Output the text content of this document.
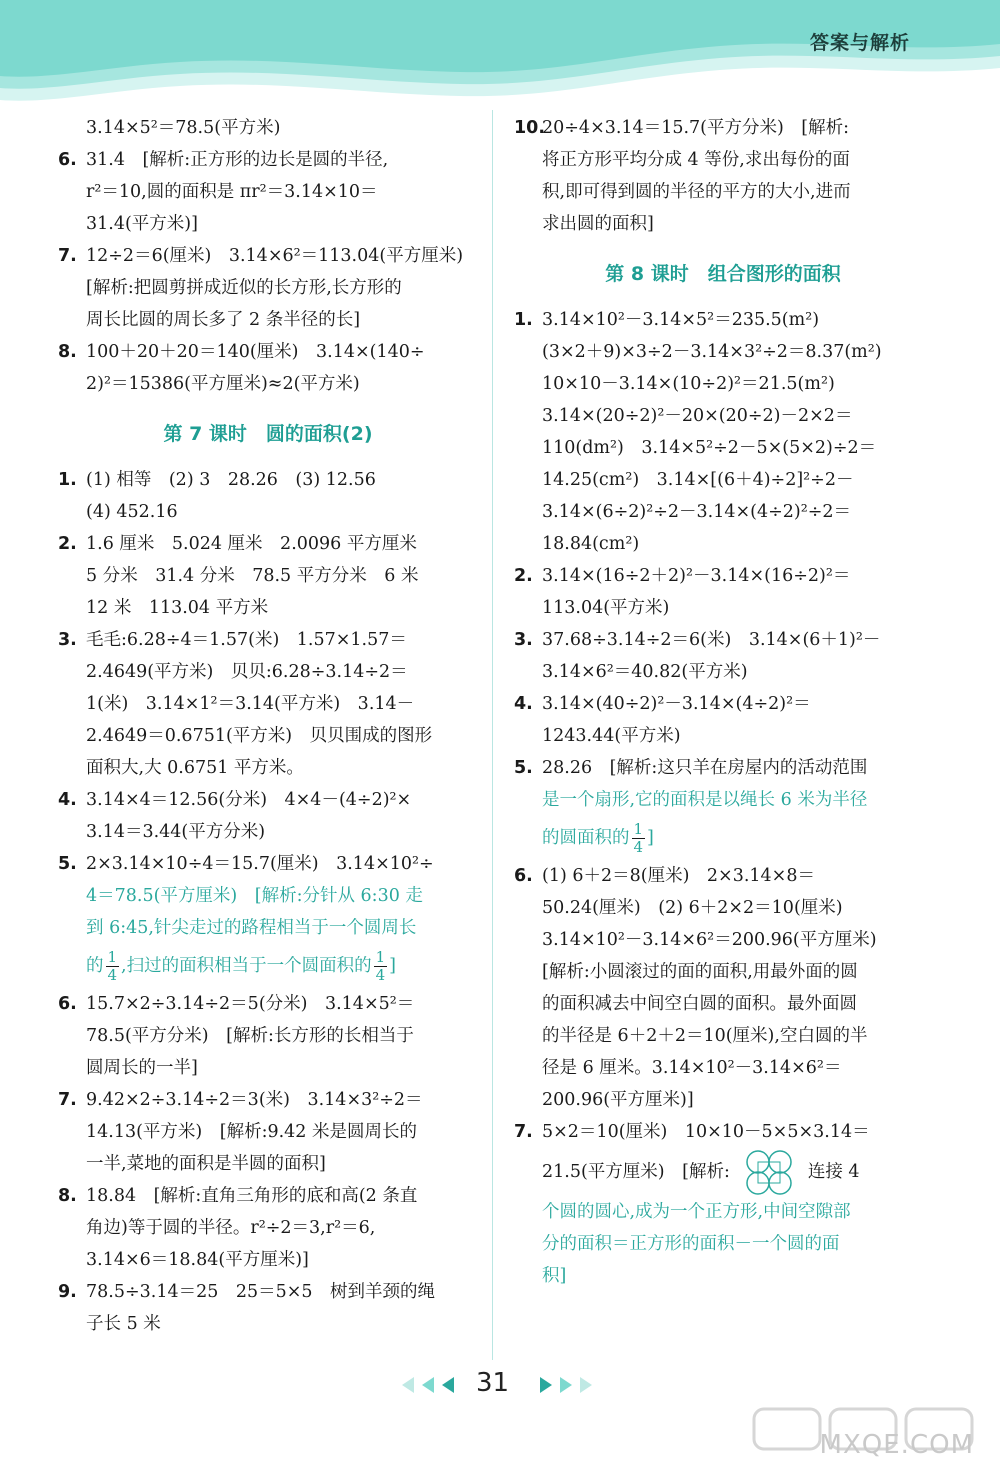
答案与解析
3.14×5²＝78.5(平方米)
6. 31.4　[解析:正方形的边长是圆的半径,
r²＝10,圆的面积是 πr²＝3.14×10＝
31.4(平方米)]
7. 12÷2＝6(厘米)　3.14×6²＝113.04(平方厘米)
[解析:把圆剪拼成近似的长方形,长方形的
周长比圆的周长多了 2 条半径的长]
8. 100＋20＋20＝140(厘米)　3.14×(140÷
2)²＝15386(平方厘米)≈2(平方米)
第 7 课时　圆的面积(2)
1. (1) 相等　(2) 3　28.26　(3) 12.56
(4) 452.16
2. 1.6 厘米　5.024 厘米　2.0096 平方厘米
5 分米　31.4 分米　78.5 平方分米　6 米
12 米　113.04 平方米
3. 毛毛:6.28÷4＝1.57(米)　1.57×1.57＝
2.4649(平方米)　贝贝:6.28÷3.14÷2＝
1(米)　3.14×1²＝3.14(平方米)　3.14－
2.4649＝0.6751(平方米)　贝贝围成的图形
面积大,大 0.6751 平方米。
4. 3.14×4＝12.56(分米)　4×4－(4÷2)²×
3.14＝3.44(平方分米)
5. 2×3.14×10÷4＝15.7(厘米)　3.14×10²÷
4＝78.5(平方厘米)　[解析:分针从 6:30 走
到 6:45,针尖走过的路程相当于一个圆周长
的 $\frac{1}{4}$ ,扫过的面积相当于一个圆面积的 $\frac{1}{4}$ ]
6. 15.7×2÷3.14÷2＝5(分米)　3.14×5²＝
78.5(平方分米)　[解析:长方形的长相当于
圆周长的一半]
7. 9.42×2÷3.14÷2＝3(米)　3.14×3²÷2＝
14.13(平方米)　[解析:9.42 米是圆周长的
一半,菜地的面积是半圆的面积]
8. 18.84　[解析:直角三角形的底和高(2 条直
角边)等于圆的半径。r²÷2＝3,r²＝6,
3.14×6＝18.84(平方厘米)]
9. 78.5÷3.14＝25　25＝5×5　树到羊颈的绳
子长 5 米
10.
20÷4×3.14＝15.7(平方分米)　[解析:
将正方形平均分成 4 等份,求出每份的面
积,即可得到圆的半径的平方的大小,进而
求出圆的面积]
第 8 课时　组合图形的面积
1. 3.14×10²－3.14×5²＝235.5(m²)
(3×2＋9)×3÷2－3.14×3²÷2＝8.37(m²)
10×10－3.14×(10÷2)²＝21.5(m²)
3.14×(20÷2)²－20×(20÷2)－2×2＝
110(dm²)　3.14×5²÷2－5×(5×2)÷2＝
14.25(cm²)　3.14×[(6＋4)÷2]²÷2－
3.14×(6÷2)²÷2－3.14×(4÷2)²÷2＝
18.84(cm²)
2. 3.14×(16÷2＋2)²－3.14×(16÷2)²＝
113.04(平方米)
3. 37.68÷3.14÷2＝6(米)　3.14×(6＋1)²－
3.14×6²＝40.82(平方米)
4. 3.14×(40÷2)²－3.14×(4÷2)²＝
1243.44(平方米)
5. 28.26　[解析:这只羊在房屋内的活动范围
是一个扇形,它的面积是以绳长 6 米为半径
的圆面积的 $\frac{1}{4}$ ]
6. (1) 6＋2＝8(厘米)　2×3.14×8＝
50.24(厘米)　(2) 6＋2×2＝10(厘米)
3.14×10²－3.14×6²＝200.96(平方厘米)
[解析:小圆滚过的面的面积,用最外面的圆
的面积减去中间空白圆的面积。最外面圆
的半径是 6＋2＋2＝10(厘米),空白圆的半
径是 6 厘米。3.14×10²－3.14×6²＝
200.96(平方厘米)]
7. 5×2＝10(厘米)　10×10－5×5×3.14＝
21.5(平方厘米)　[解析:	连接 4
个圆的圆心,成为一个正方形,中间空隙部
分的面积＝正方形的面积－一个圆的面
积]
31
MXQE.COM
